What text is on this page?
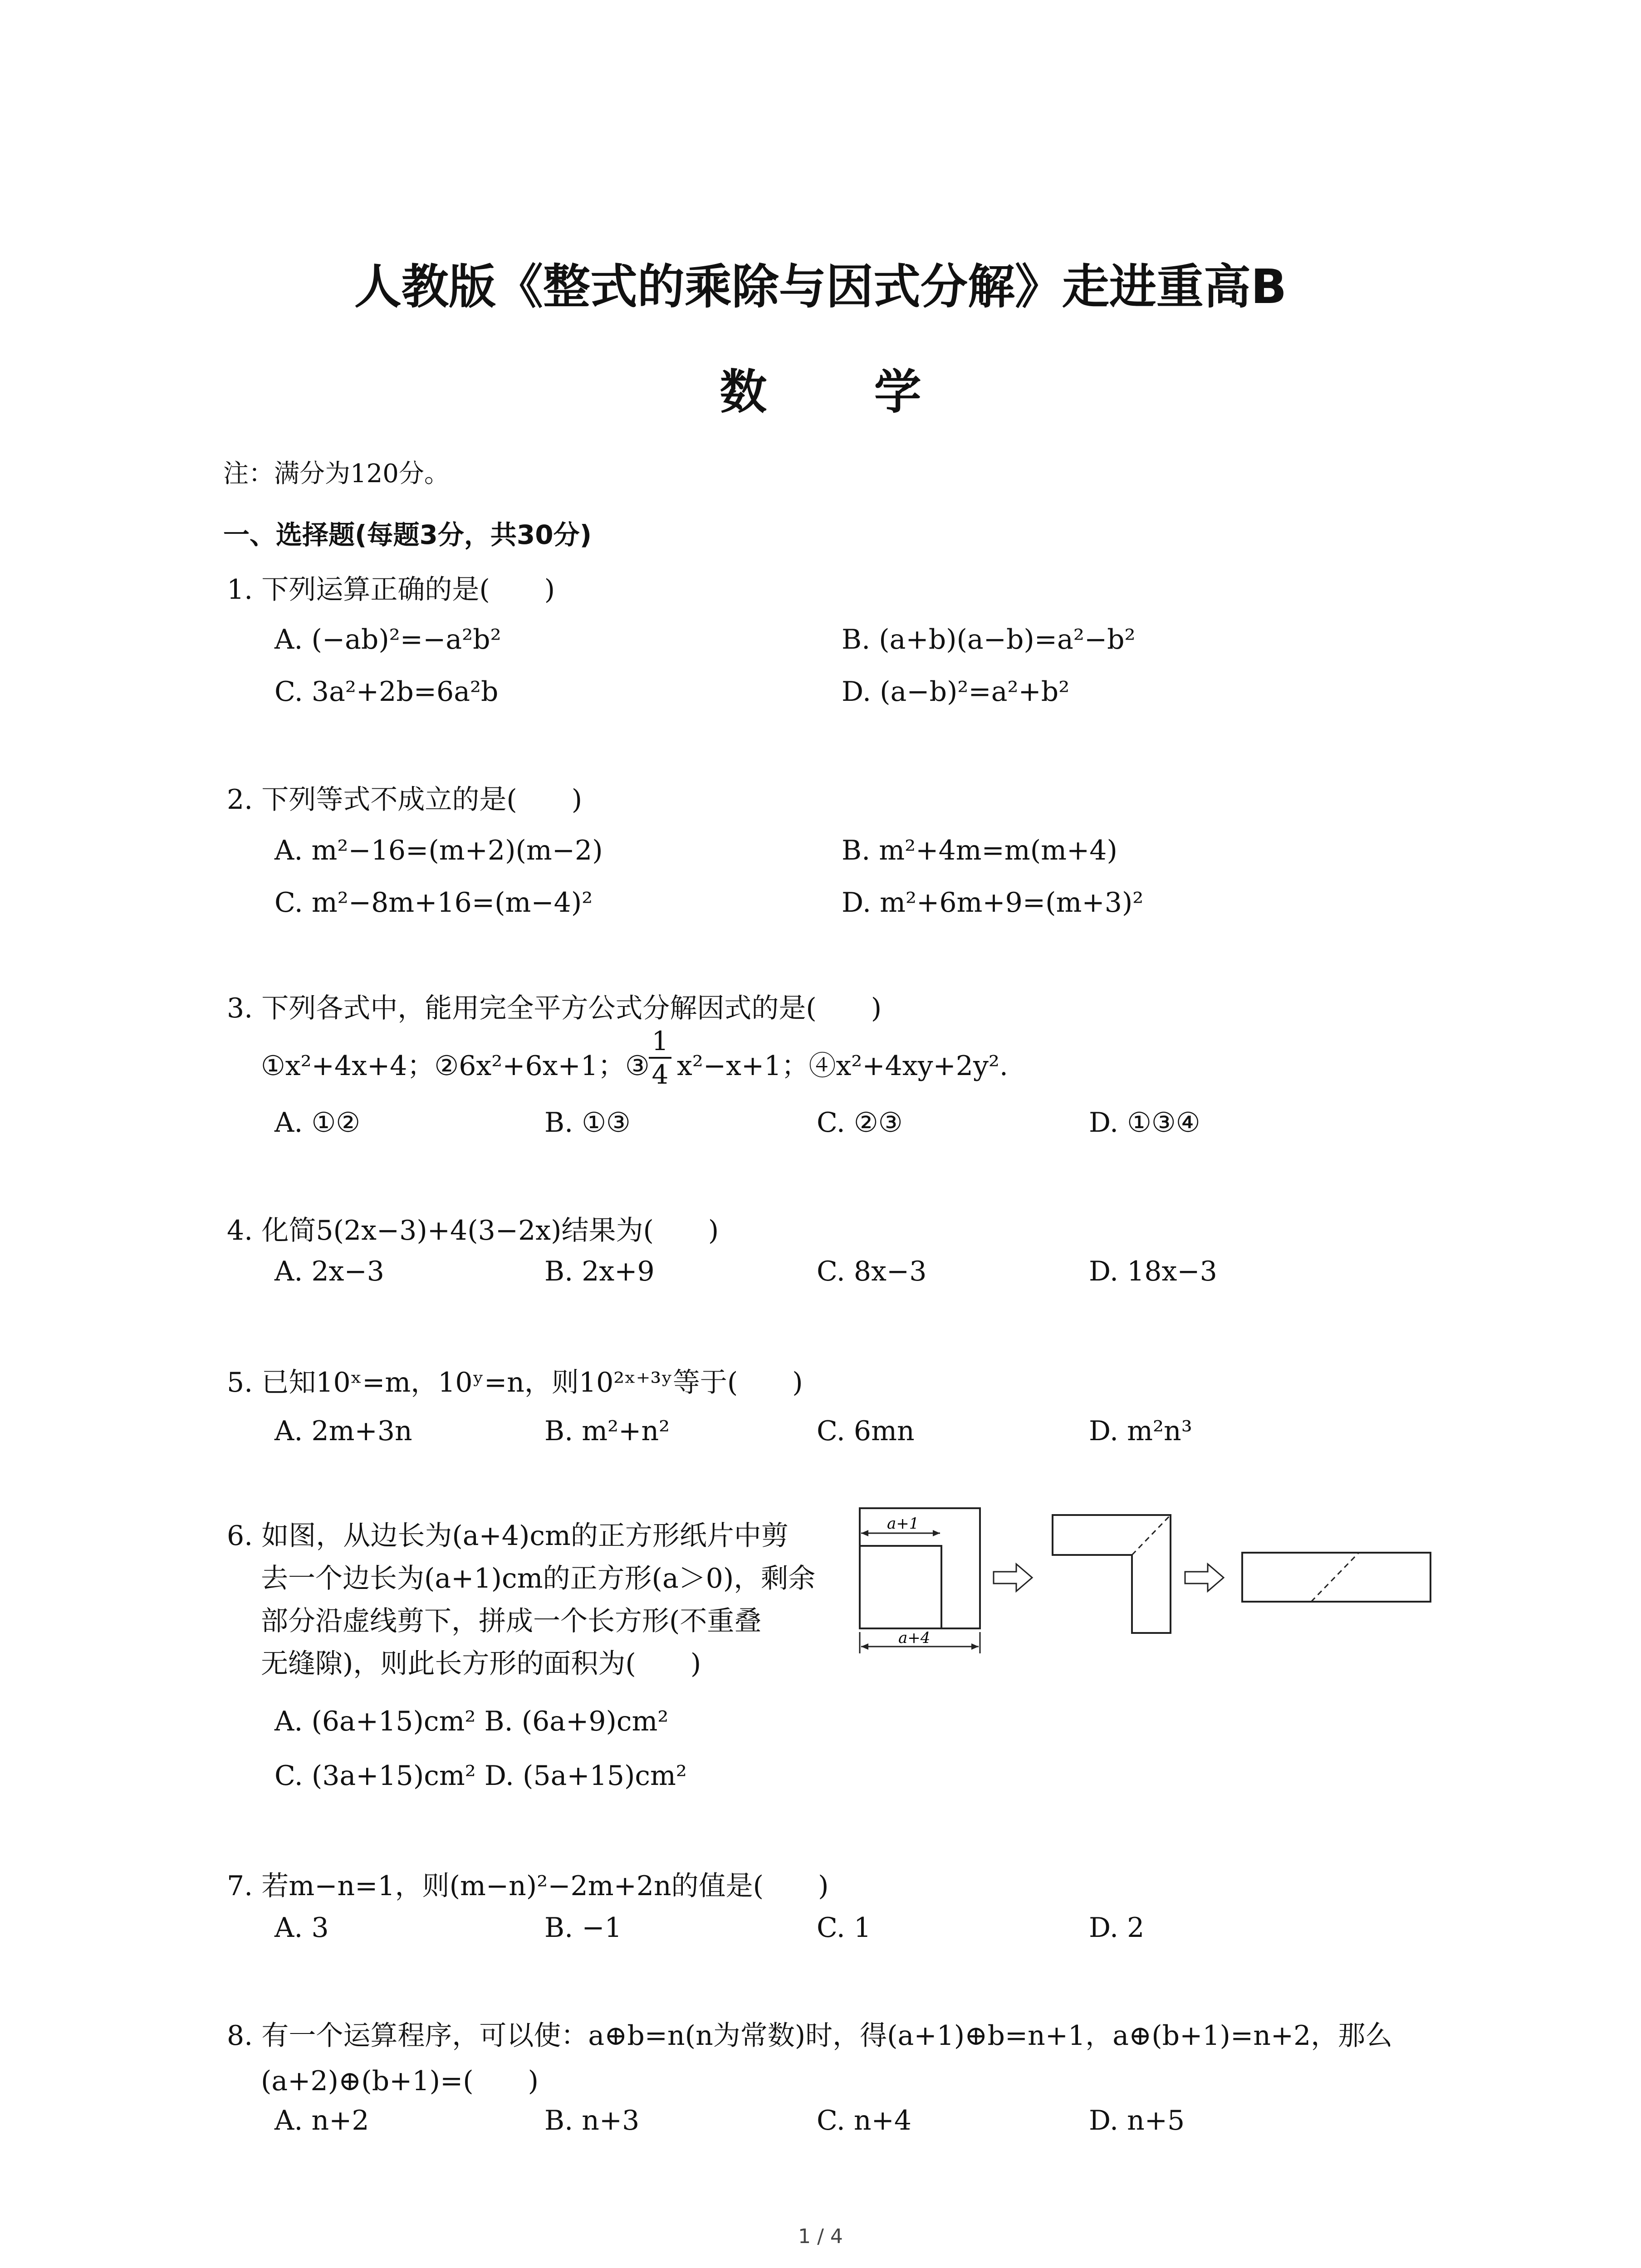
人教版《整式的乘除与因式分解》走进重高B
数 学
注：满分为120分。
一、选择题(每题3分，共30分)
1. 下列运算正确的是(　　)
A. (−ab)²=−a²b²	B. (a+b)(a−b)=a²−b²
C. 3a²+2b=6a²b	D. (a−b)²=a²+b²
2. 下列等式不成立的是(　　)
A. m²−16=(m+2)(m−2)	B. m²+4m=m(m+4)
C. m²−8m+16=(m−4)²	D. m²+6m+9=(m+3)²
3. 下列各式中，能用完全平方公式分解因式的是(　　)
①x²+4x+4；②6x²+6x+1；③
1
4 x²−x+1；④x²+4xy+2y².
A. ①②	B. ①③	C. ②③	D. ①③④
4. 化简5(2x−3)+4(3−2x)结果为(　　)
A. 2x−3	B. 2x+9	C. 8x−3	D. 18x−3
5. 已知10ˣ=m，10ʸ=n，则10²ˣ⁺³ʸ等于(　　)
A. 2m+3n	B. m²+n²	C. 6mn	D. m²n³
6. 如图，从边长为(a+4)cm的正方形纸片中剪
去一个边长为(a+1)cm的正方形(a＞0)，剩余
部分沿虚线剪下，拼成一个长方形(不重叠
无缝隙)，则此长方形的面积为(　　)
A. (6a+15)cm² B. (6a+9)cm²
C. (3a+15)cm² D. (5a+15)cm²
a+1
a+4
7. 若m−n=1，则(m−n)²−2m+2n的值是(　　)
A. 3	B. −1	C. 1	D. 2
8. 有一个运算程序，可以使：a⊕b=n(n为常数)时，得(a+1)⊕b=n+1，a⊕(b+1)=n+2，那么
(a+2)⊕(b+1)=(　　)
A. n+2	B. n+3	C. n+4	D. n+5
1 / 4
